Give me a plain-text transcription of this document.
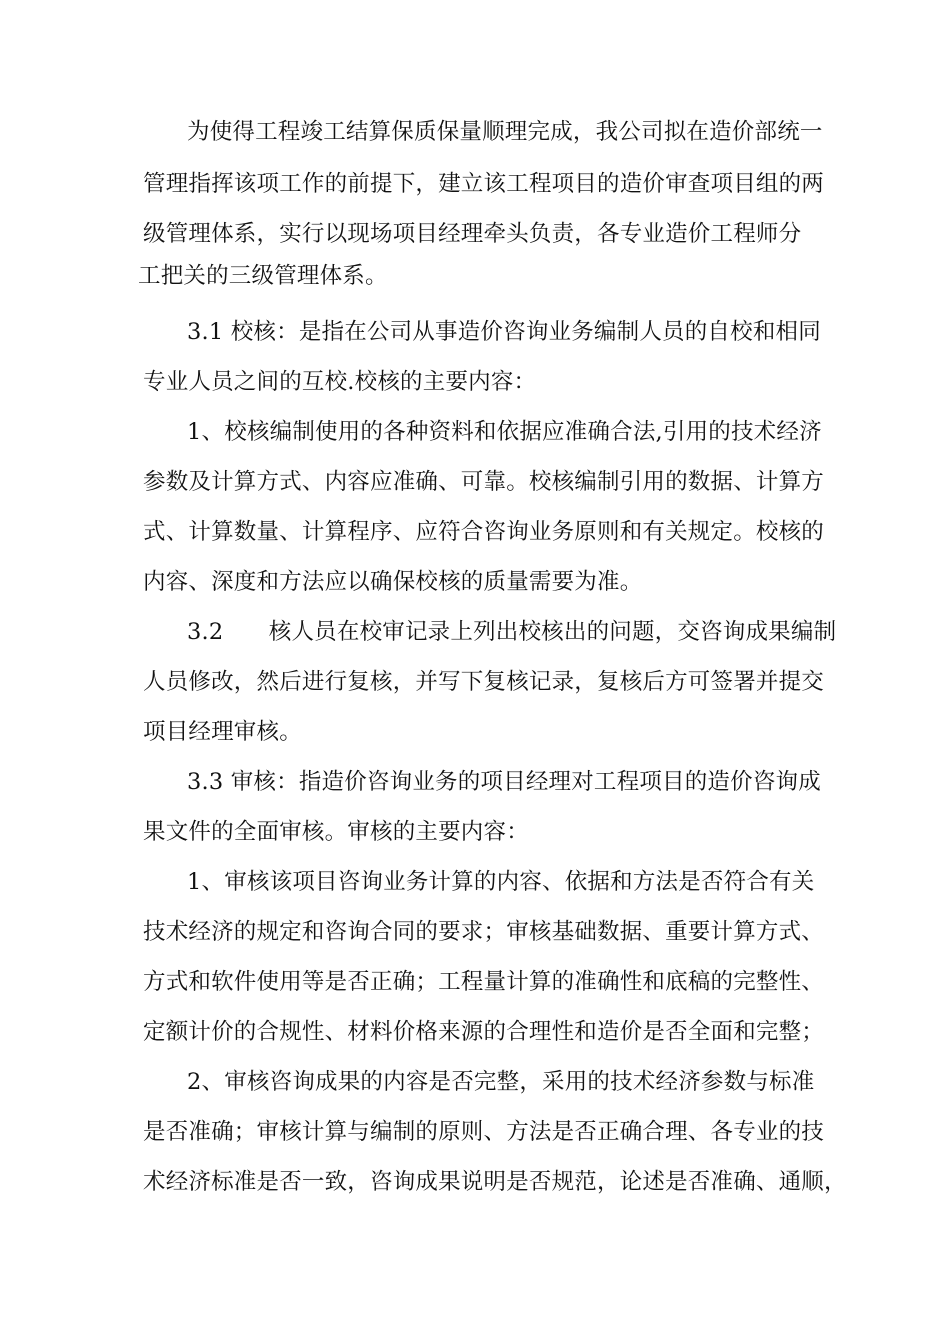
为使得工程竣工结算保质保量顺理完成，我公司拟在造价部统一
管理指挥该项工作的前提下，建立该工程项目的造价审查项目组的两
级管理体系，实行以现场项目经理牵头负责，各专业造价工程师分
工把关的三级管理体系。
3.1 校核：是指在公司从事造价咨询业务编制人员的自校和相同
专业人员之间的互校.校核的主要内容：
1、校核编制使用的各种资料和依据应准确合法,引用的技术经济
参数及计算方式、内容应准确、可靠。校核编制引用的数据、计算方
式、计算数量、计算程序、应符合咨询业务原则和有关规定。校核的
内容、深度和方法应以确保校核的质量需要为准。
3.2　　核人员在校审记录上列出校核出的问题，交咨询成果编制
人员修改，然后进行复核，并写下复核记录，复核后方可签署并提交
项目经理审核。
3.3 审核：指造价咨询业务的项目经理对工程项目的造价咨询成
果文件的全面审核。审核的主要内容：
1、审核该项目咨询业务计算的内容、依据和方法是否符合有关
技术经济的规定和咨询合同的要求；审核基础数据、重要计算方式、
方式和软件使用等是否正确；工程量计算的准确性和底稿的完整性、
定额计价的合规性、材料价格来源的合理性和造价是否全面和完整；
2、审核咨询成果的内容是否完整，采用的技术经济参数与标准
是否准确；审核计算与编制的原则、方法是否正确合理、各专业的技
术经济标准是否一致，咨询成果说明是否规范，论述是否准确、通顺，
